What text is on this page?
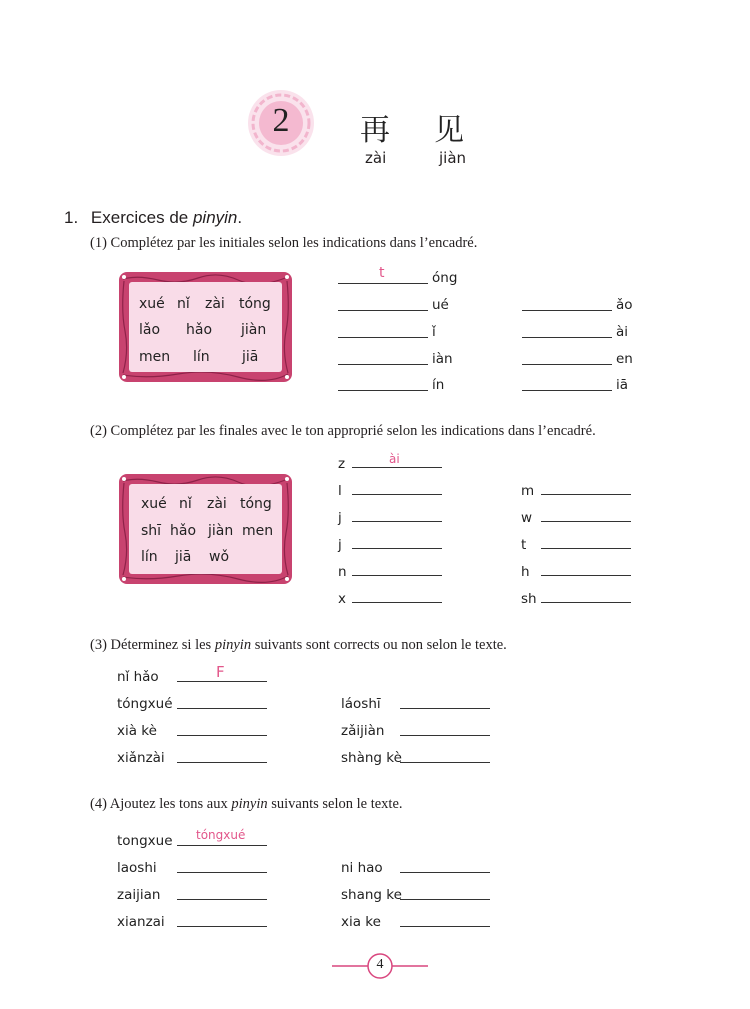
2	再 见
zài	jiàn
1. Exercices de pinyin.
(1) Complétez par les initiales selon les indications dans l’encadré.
xué nǐ zài tóng
lǎo hǎo jiàn
men lín jiā
t	óng
ué
ǐ
iàn
ín
ǎo
ài
en
iā
(2) Complétez par les finales avec le ton approprié selon les indications dans l’encadré.
xué nǐ zài tóng
shī hǎo jiàn men
lín jiā wǒ
z	ài
l
j
j
n
x
m
w
t
h
sh
(3) Déterminez si les pinyin suivants sont corrects ou non selon le texte.
nǐ hǎo	F
tóngxué
xià kè
xiǎnzài
láoshī
zǎijiàn
shàng kè
(4) Ajoutez les tons aux pinyin suivants selon le texte.
tongxue tóngxué
laoshi
zaijian
xianzai
ni hao
shang ke
xia ke
4
